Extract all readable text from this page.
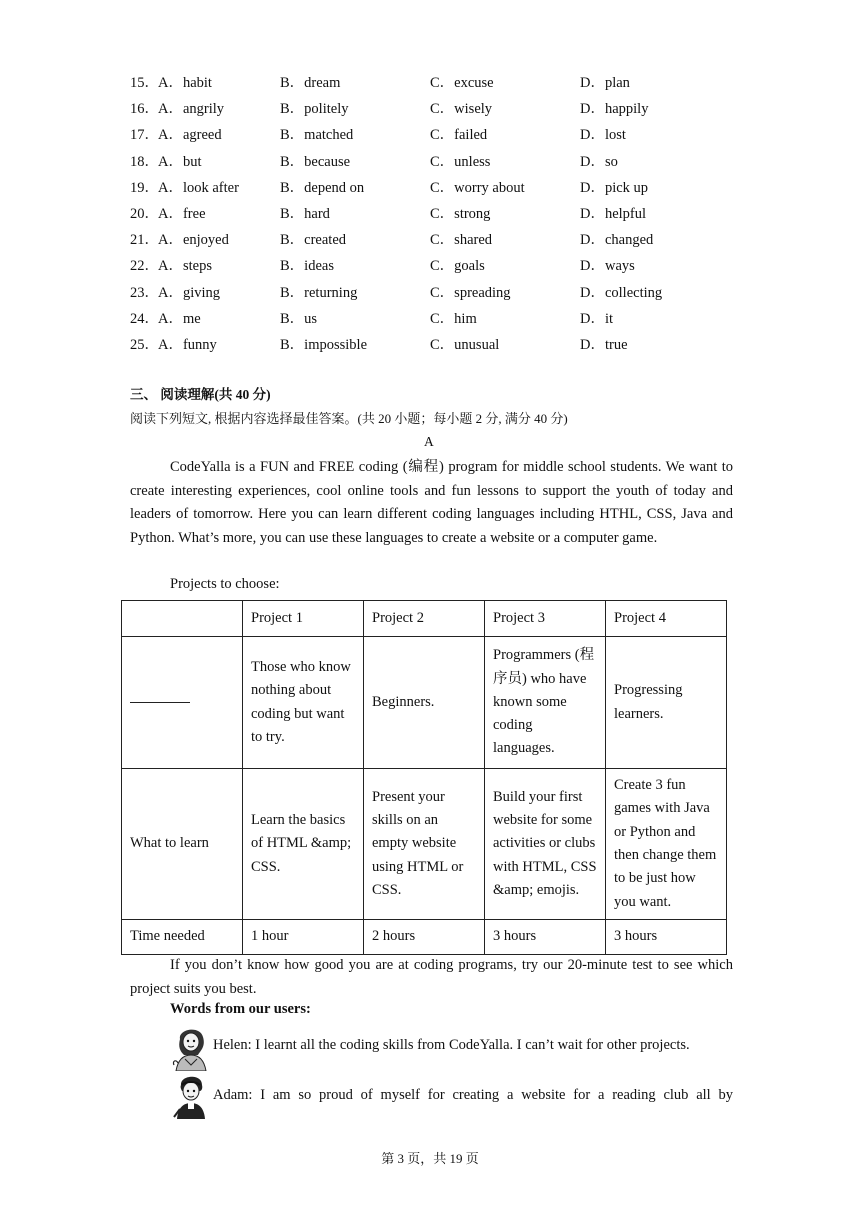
15． A．habit	B．dream	C．excuse	D．plan
16． A．angrily	B．politely	C．wisely	D．happily
17． A．agreed	B．matched	C．failed	D．lost
18． A．but	B．because	C．unless	D．so
19． A．look after	B．depend on	C．worry about	D．pick up
20． A．free	B．hard	C．strong	D．helpful
21． A．enjoyed	B．created	C．shared	D．changed
22． A．steps	B．ideas	C．goals	D．ways
23． A．giving	B．returning	C．spreading	D．collecting
24． A．me	B．us	C．him	D．it
25． A．funny	B．impossible	C．unusual	D．true
三、 阅读理解(共 40 分)
阅读下列短文, 根据内容选择最佳答案。(共 20 小题；每小题 2 分, 满分 40 分)
A
CodeYalla is a FUN and FREE coding (编程) program for middle school students. We want to create interesting experiences, cool online tools and fun lessons to support the youth of today and leaders of tomorrow. Here you can learn different coding languages including HTHL, CSS, Java and Python. What’s more, you can use these languages to create a website or a computer game.
Projects to choose:
	Project 1	Project 2	Project 3	Project 4
	Those who know nothing about coding but want to try.	Beginners.	Programmers (程序员) who have known some coding languages.	Progressing learners.
What to learn	Learn the basics of HTML &amp; CSS.	Present your skills on an empty website using HTML or CSS.	Build your first website for some activities or clubs with HTML, CSS &amp; emojis.	Create 3 fun games with Java or Python and then change them to be just how you want.
Time needed	1 hour	2 hours	3 hours	3 hours
If you don’t know how good you are at coding programs, try our 20-minute test to see which project suits you best.
Words from our users:
Helen: I learnt all the coding skills from CodeYalla. I can’t wait for other projects.
Adam: I am so proud of myself for creating a website for a reading club all by
第 3 页，共 19 页
